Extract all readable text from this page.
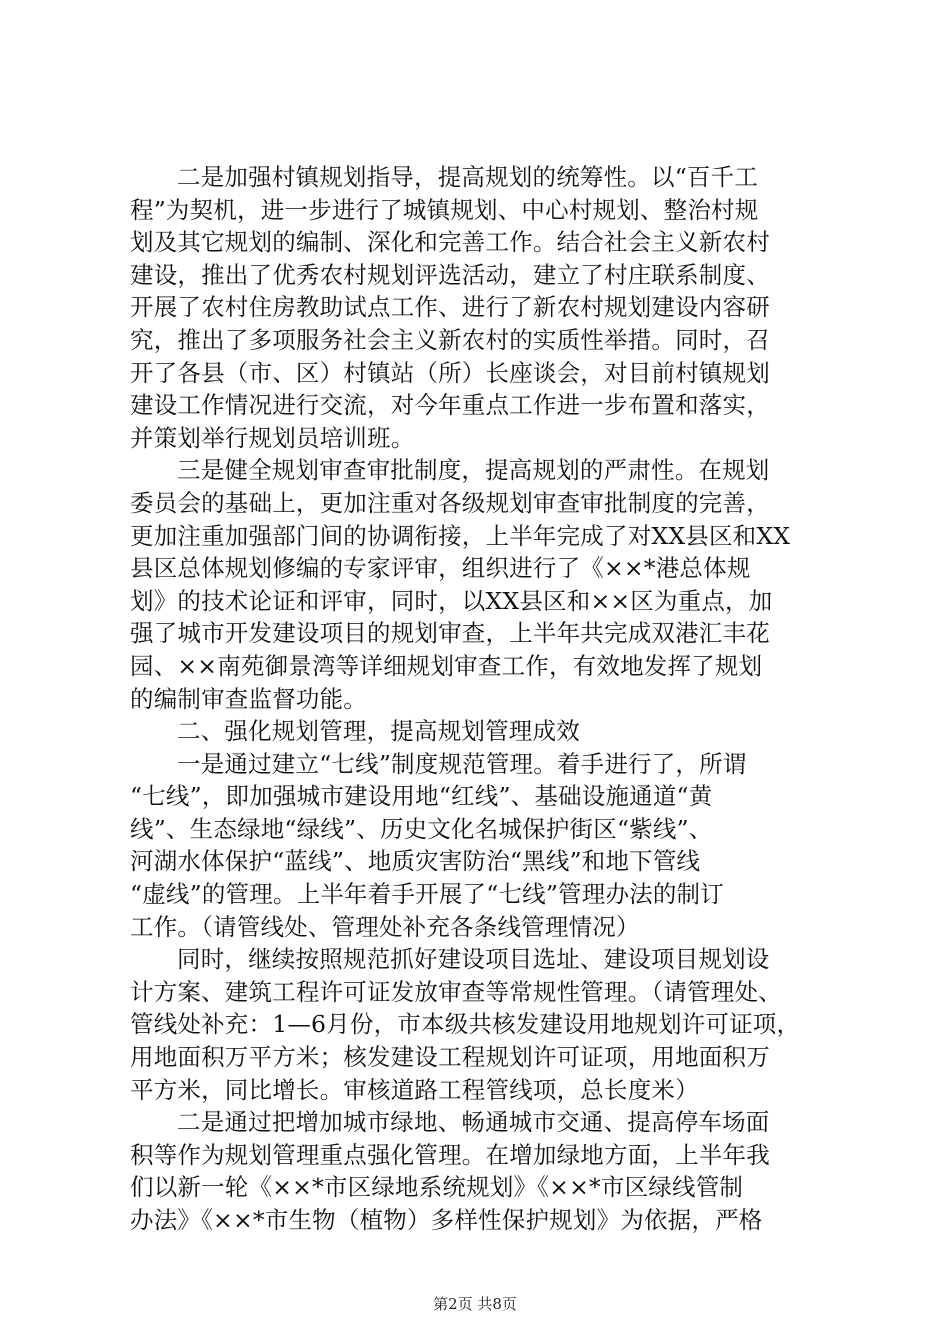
二是加强村镇规划指导，提高规划的统筹性。以“百千工
程”为契机，进一步进行了城镇规划、中心村规划、整治村规
划及其它规划的编制、深化和完善工作。结合社会主义新农村
建设，推出了优秀农村规划评选活动，建立了村庄联系制度、
开展了农村住房教助试点工作、进行了新农村规划建设内容研
究，推出了多项服务社会主义新农村的实质性举措。同时，召
开了各县（市、区）村镇站（所）长座谈会，对目前村镇规划
建设工作情况进行交流，对今年重点工作进一步布置和落实，
并策划举行规划员培训班。

三是健全规划审查审批制度，提高规划的严肃性。在规划
委员会的基础上，更加注重对各级规划审查审批制度的完善，
更加注重加强部门间的协调衔接，上半年完成了对XX县区和XX
县区总体规划修编的专家评审，组织进行了《××*港总体规
划》的技术论证和评审，同时，以XX县区和××区为重点，加
强了城市开发建设项目的规划审查，上半年共完成双港汇丰花
园、××南苑御景湾等详细规划审查工作，有效地发挥了规划
的编制审查监督功能。

二、强化规划管理，提高规划管理成效

一是通过建立“七线”制度规范管理。着手进行了，所谓
“七线”，即加强城市建设用地“红线”、基础设施通道“黄
线”、生态绿地“绿线”、历史文化名城保护街区“紫线”、
河湖水体保护“蓝线”、地质灾害防治“黑线”和地下管线
“虚线”的管理。上半年着手开展了“七线”管理办法的制订
工作。（请管线处、管理处补充各条线管理情况）

同时，继续按照规范抓好建设项目选址、建设项目规划设
计方案、建筑工程许可证发放审查等常规性管理。（请管理处、
管线处补充：1—6月份，市本级共核发建设用地规划许可证项，
用地面积万平方米；核发建设工程规划许可证项，用地面积万
平方米，同比增长。审核道路工程管线项，总长度米）

二是通过把增加城市绿地、畅通城市交通、提高停车场面
积等作为规划管理重点强化管理。在增加绿地方面，上半年我
们以新一轮《××*市区绿地系统规划》《××*市区绿线管制
办法》《××*市生物（植物）多样性保护规划》为依据，严格

第2页 共8页
